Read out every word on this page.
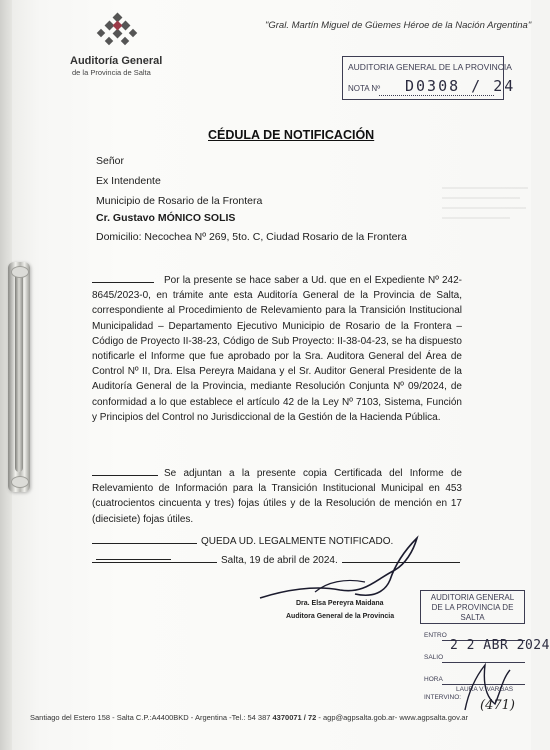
Auditoría General
de la Provincia de Salta
"Gral. Martín Miguel de Güemes Héroe de la Nación Argentina"
AUDITORIA GENERAL DE LA PROVINCIA
NOTA Nº D0308 / 24
CÉDULA DE NOTIFICACIÓN
Señor
Ex Intendente
Municipio de Rosario de la Frontera
Cr. Gustavo MÓNICO SOLIS
Domicilio: Necochea Nº 269, 5to. C, Ciudad Rosario de la Frontera
Por la presente se hace saber a Ud. que en el Expediente Nº 242-8645/2023-0, en trámite ante esta Auditoría General de la Provincia de Salta, correspondiente al Procedimiento de Relevamiento para la Transición Institucional Municipalidad – Departamento Ejecutivo Municipio de Rosario de la Frontera – Código de Proyecto II-38-23, Código de Sub Proyecto: II-38-04-23, se ha dispuesto notificarle el Informe que fue aprobado por la Sra. Auditora General del Área de Control Nº II, Dra. Elsa Pereyra Maidana y el Sr. Auditor General Presidente de la Auditoría General de la Provincia, mediante Resolución Conjunta Nº 09/2024, de conformidad a lo que establece el artículo 42 de la Ley Nº 7103, Sistema, Función y Principios del Control no Jurisdiccional de la Gestión de la Hacienda Pública.
Se adjuntan a la presente copia Certificada del Informe de Relevamiento de Información para la Transición Institucional Municipal en 453 (cuatrocientos cincuenta y tres) fojas útiles y de la Resolución de mención en 17 (diecisiete) fojas útiles.
QUEDA UD. LEGALMENTE NOTIFICADO.
Salta, 19 de abril de 2024.
Dra. Elsa Pereyra Maidana
Auditora General de la Provincia
AUDITORIA GENERAL
DE LA PROVINCIA DE
SALTA
ENTRO
SALIO
2 2 ABR 2024
HORA
INTERVINO:
LAURA V. VARGAS
(471)
Santiago del Estero 158 - Salta C.P.:A4400BKD - Argentina -Tel.: 54 387 4370071 / 72 - agp@agpsalta.gob.ar- www.agpsalta.gov.ar
